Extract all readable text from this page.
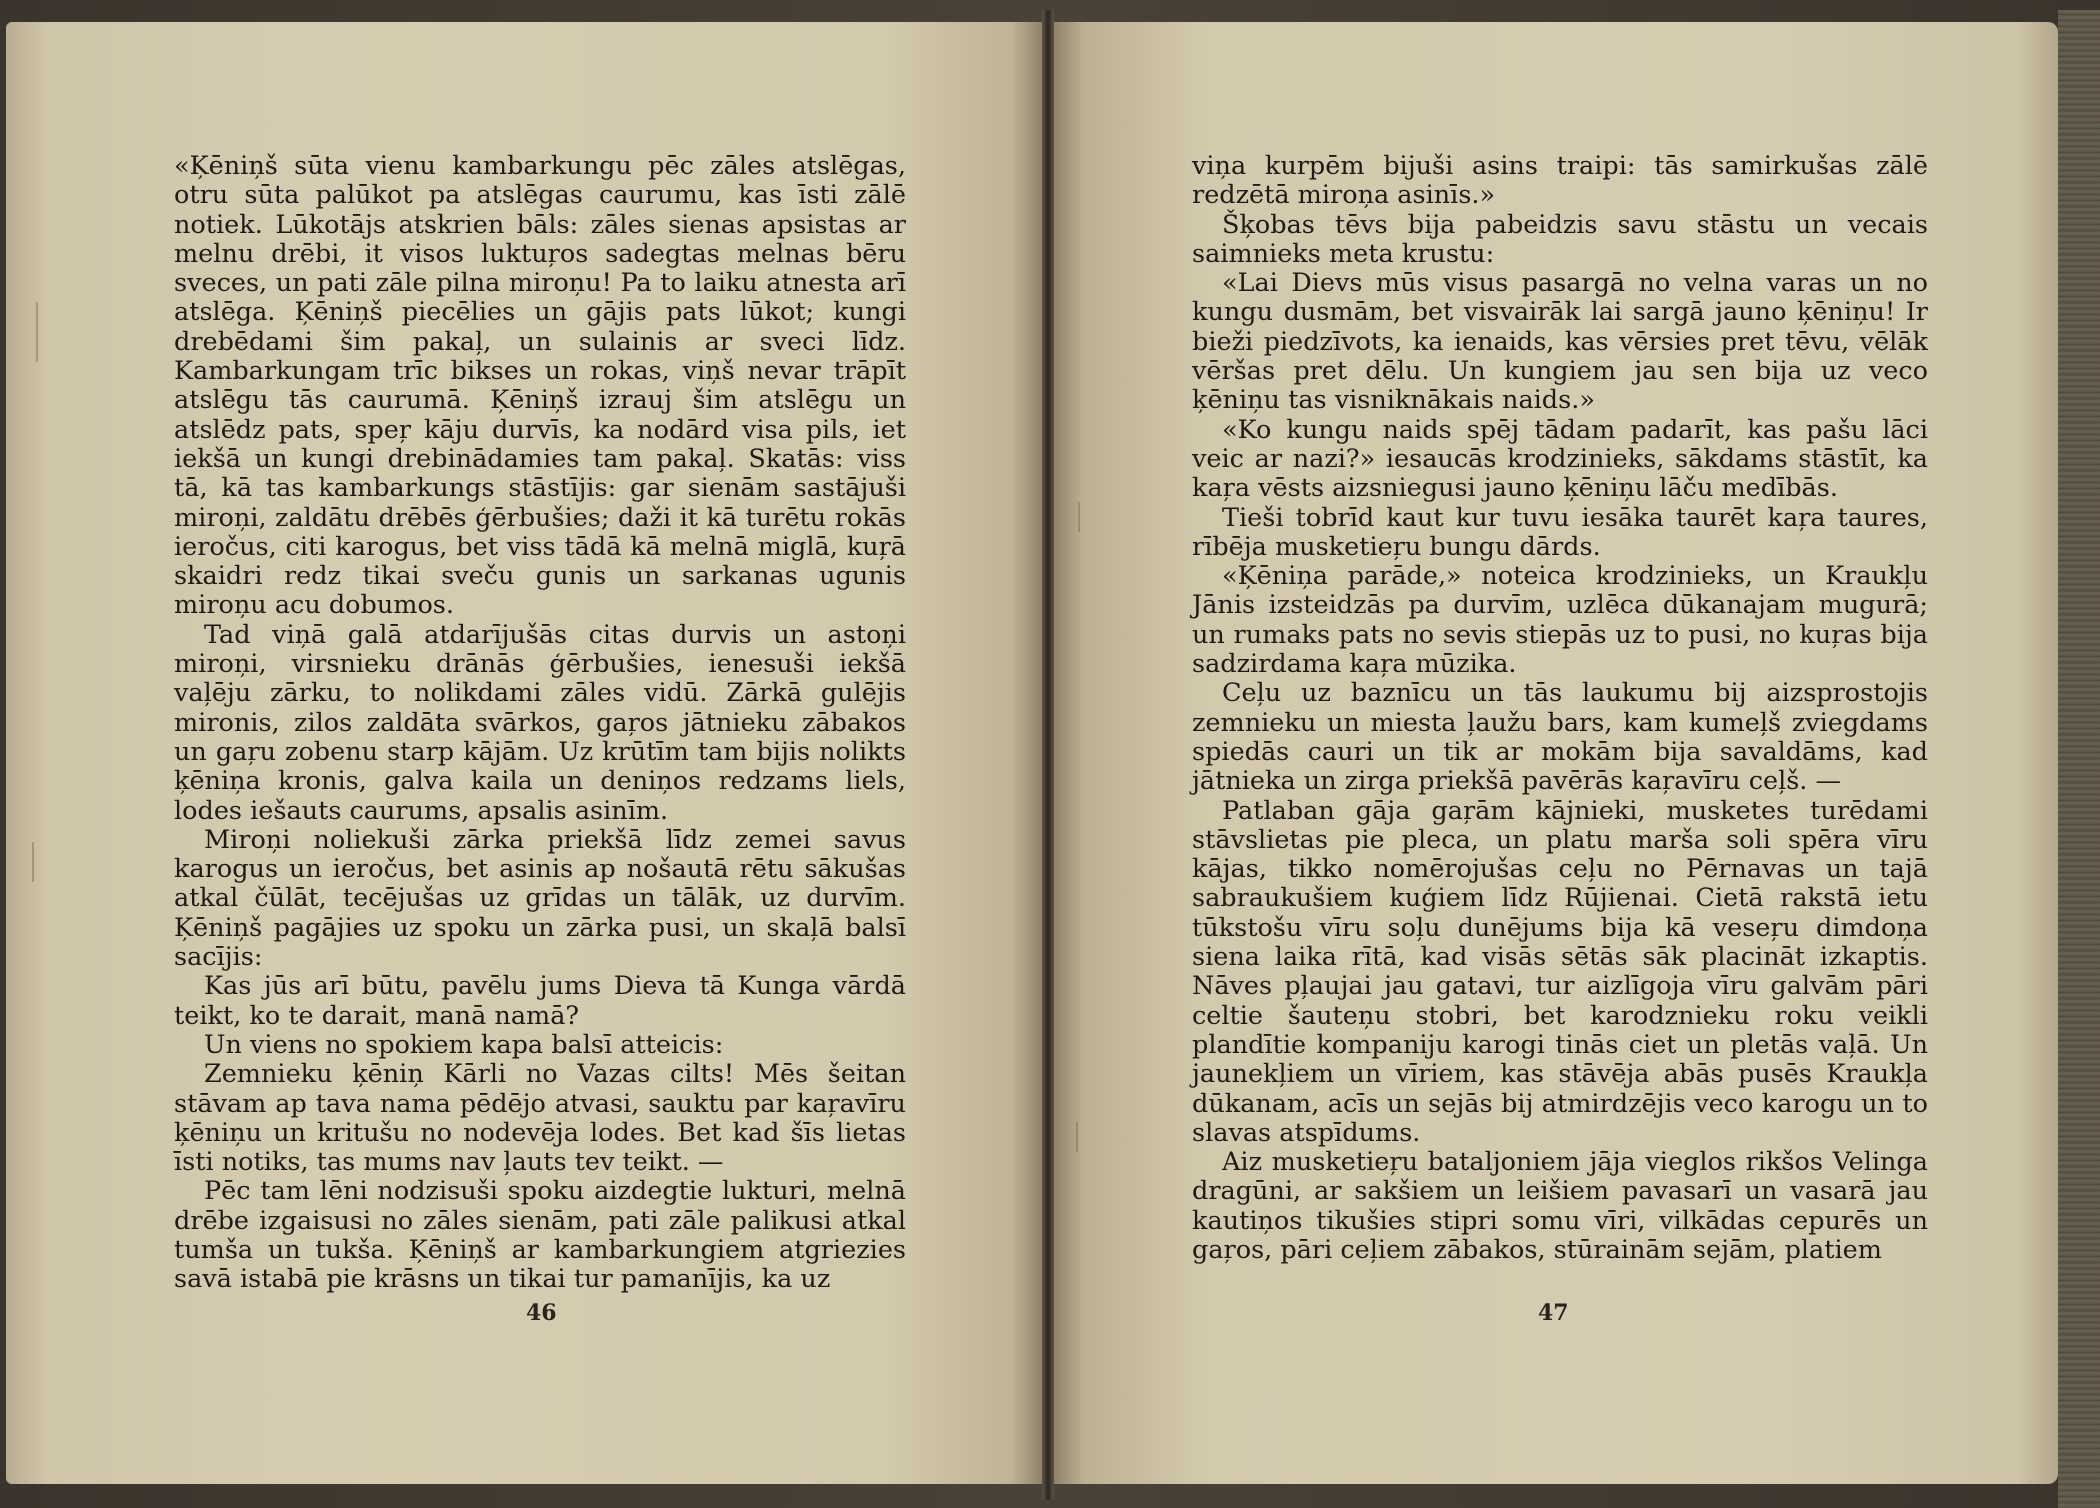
«Ķēniņš sūta vienu kambarkungu pēc zāles atslēgas, otru sūta palūkot pa atslēgas caurumu, kas īsti zālē notiek. Lūkotājs atskrien bāls: zāles sienas apsistas ar melnu drēbi, it visos luktuŗos sadegtas melnas bēru sveces, un pati zāle pilna miroņu! Pa to laiku atnesta arī atslēga. Ķēniņš piecēlies un gājis pats lūkot; kungi drebēdami šim pakaļ, un sulainis ar sveci līdz. Kambarkungam trīc bikses un rokas, viņš nevar trāpīt atslēgu tās caurumā. Ķēniņš izrauj šim atslēgu un atslēdz pats, speŗ kāju durvīs, ka nodārd visa pils, iet iekšā un kungi drebinādamies tam pakaļ. Skatās: viss tā, kā tas kambarkungs stāstījis: gar sienām sastājuši miroņi, zaldātu drēbēs ģērbušies; daži it kā turētu rokās ieročus, citi karogus, bet viss tādā kā melnā miglā, kuŗā skaidri redz tikai sveču gunis un sarkanas ugunis miroņu acu dobumos.

Tad viņā galā atdarījušās citas durvis un astoņi miroņi, virsnieku drānās ģērbušies, ienesuši iekšā vaļēju zārku, to nolikdami zāles vidū. Zārkā gulējis mironis, zilos zaldāta svārkos, gaŗos jātnieku zābakos un gaŗu zobenu starp kājām. Uz krūtīm tam bijis nolikts ķēniņa kronis, galva kaila un deniņos redzams liels, lodes iešauts caurums, apsalis asinīm.

Miroņi noliekuši zārka priekšā līdz zemei savus karogus un ieročus, bet asinis ap nošautā rētu sākušas atkal čūlāt, tecējušas uz grīdas un tālāk, uz durvīm. Ķēniņš pagājies uz spoku un zārka pusi, un skaļā balsī sacījis:

Kas jūs arī būtu, pavēlu jums Dieva tā Kunga vārdā teikt, ko te darait, manā namā?

Un viens no spokiem kapa balsī atteicis:

Zemnieku ķēniņ Kārli no Vazas cilts! Mēs šeitan stāvam ap tava nama pēdējo atvasi, sauktu par kaŗavīru ķēniņu un kritušu no nodevēja lodes. Bet kad šīs lietas īsti notiks, tas mums nav ļauts tev teikt. —

Pēc tam lēni nodzisuši spoku aizdegtie lukturi, melnā drēbe izgaisusi no zāles sienām, pati zāle palikusi atkal tumša un tukša. Ķēniņš ar kambarkungiem atgriezies savā istabā pie krāsns un tikai tur pamanījis, ka uz

46

viņa kurpēm bijuši asins traipi: tās samirkušas zālē redzētā miroņa asinīs.»

Šķobas tēvs bija pabeidzis savu stāstu un vecais saimnieks meta krustu:

«Lai Dievs mūs visus pasargā no velna varas un no kungu dusmām, bet visvairāk lai sargā jauno ķēniņu! Ir bieži piedzīvots, ka ienaids, kas vērsies pret tēvu, vēlāk vēršas pret dēlu. Un kungiem jau sen bija uz veco ķēniņu tas visniknākais naids.»

«Ko kungu naids spēj tādam padarīt, kas pašu lāci veic ar nazi?» iesaucās krodzinieks, sākdams stāstīt, ka kaŗa vēsts aizsniegusi jauno ķēniņu lāču medībās.

Tieši tobrīd kaut kur tuvu iesāka taurēt kaŗa taures, rībēja musketieŗu bungu dārds.

«Ķēniņa parāde,» noteica krodzinieks, un Kraukļu Jānis izsteidzās pa durvīm, uzlēca dūkanajam mugurā; un rumaks pats no sevis stiepās uz to pusi, no kuŗas bija sadzirdama kaŗa mūzika.

Ceļu uz baznīcu un tās laukumu bij aizsprostojis zemnieku un miesta ļaužu bars, kam kumeļš zviegdams spiedās cauri un tik ar mokām bija savaldāms, kad jātnieka un zirga priekšā pavērās kaŗavīru ceļš. —

Patlaban gāja gaŗām kājnieki, musketes turēdami stāvslietas pie pleca, un platu marša soli spēra vīru kājas, tikko nomērojušas ceļu no Pērnavas un tajā sabraukušiem kuģiem līdz Rūjienai. Cietā rakstā ietu tūkstošu vīru soļu dunējums bija kā veseŗu dimdoņa siena laika rītā, kad visās sētās sāk placināt izkaptis. Nāves pļaujai jau gatavi, tur aizlīgoja vīru galvām pāri celtie šauteņu stobri, bet karodznieku roku veikli plandītie kompaniju karogi tinās ciet un pletās vaļā. Un jaunekļiem un vīriem, kas stāvēja abās pusēs Kraukļa dūkanam, acīs un sejās bij atmirdzējis veco karogu un to slavas atspīdums.

Aiz musketieŗu bataljoniem jāja vieglos rikšos Velinga dragūni, ar sakšiem un leišiem pavasarī un vasarā jau kautiņos tikušies stipri somu vīri, vilkādas cepurēs un gaŗos, pāri ceļiem zābakos, stūrainām sejām, platiem

47
